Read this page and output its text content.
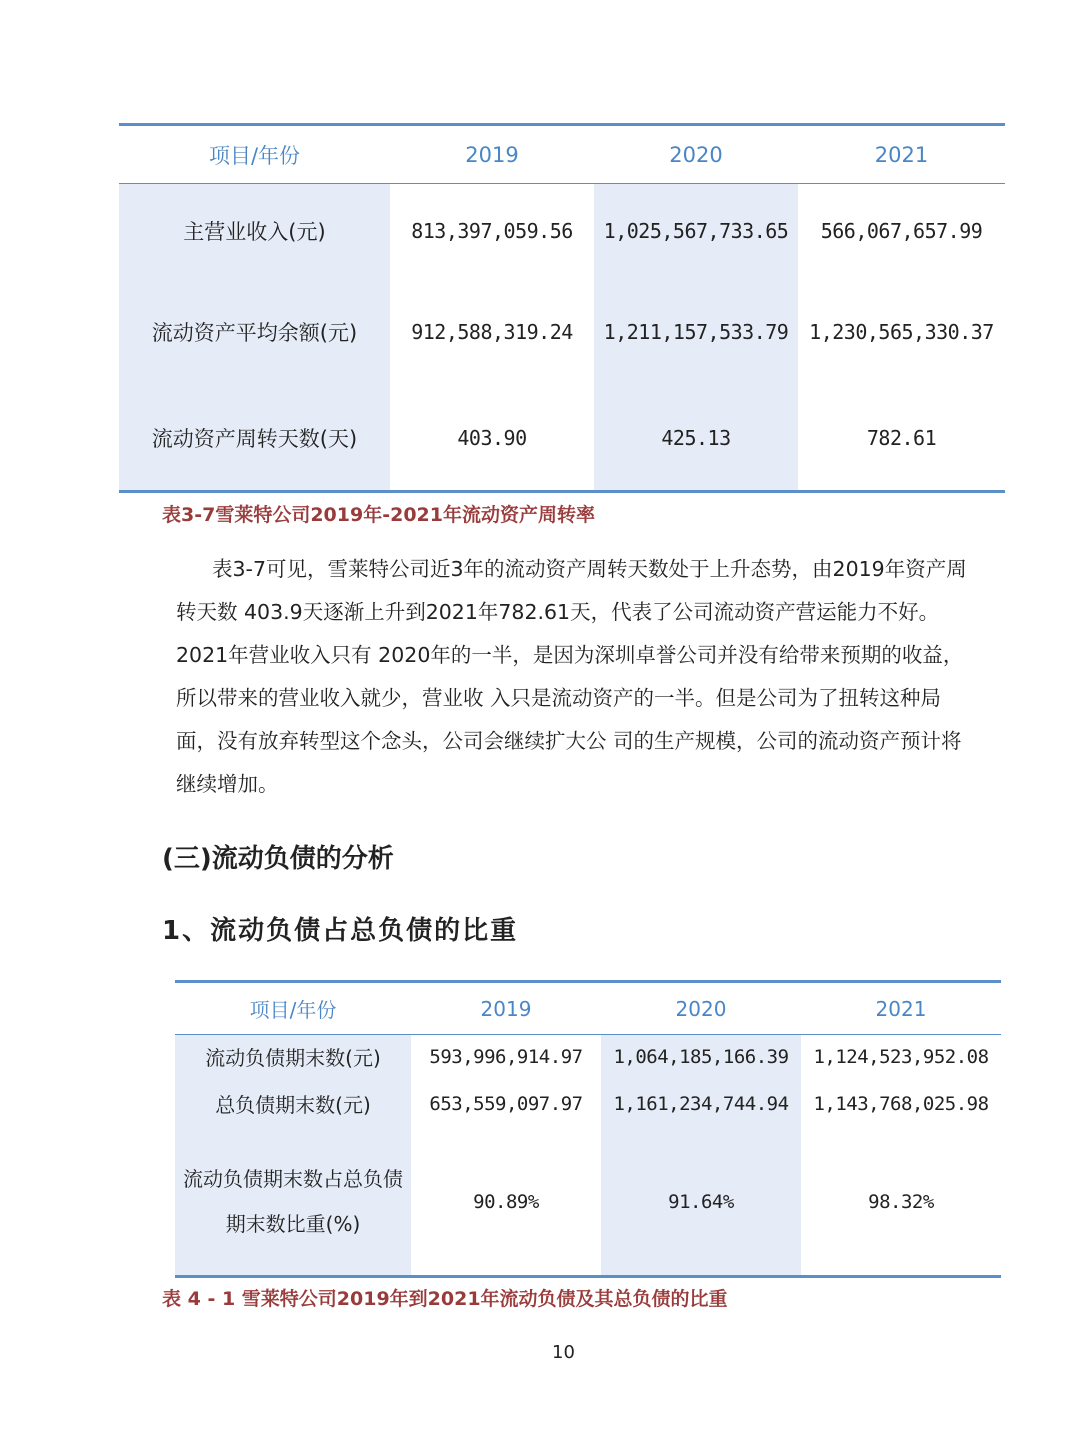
项目/年份	2019	2020	2021
主营业收入(元)	813,397,059.56	1,025,567,733.65	566,067,657.99
流动资产平均余额(元)	912,588,319.24	1,211,157,533.79	1,230,565,330.37
流动资产周转天数(天)	403.90	425.13	782.61
表3-7雪莱特公司2019年-2021年流动资产周转率

表3-7可见，雪莱特公司近3年的流动资产周转天数处于上升态势，由2019年资产周转天数 403.9天逐渐上升到2021年782.61天，代表了公司流动资产营运能力不好。2021年营业收入只有 2020年的一半，是因为深圳卓誉公司并没有给带来预期的收益，所以带来的营业收入就少，营业收 入只是流动资产的一半。但是公司为了扭转这种局面，没有放弃转型这个念头，公司会继续扩大公 司的生产规模，公司的流动资产预计将继续增加。

(三)流动负债的分析
1、流动负债占总负债的比重
项目/年份	2019	2020	2021
流动负债期末数(元)	593,996,914.97	1,064,185,166.39	1,124,523,952.08
总负债期末数(元)	653,559,097.97	1,161,234,744.94	1,143,768,025.98

流动负债期末数占总负债期末数比重(%)	90.89%	91.64%	98.32%
表 4 - 1 雪莱特公司2019年到2021年流动负债及其总负债的比重
10
